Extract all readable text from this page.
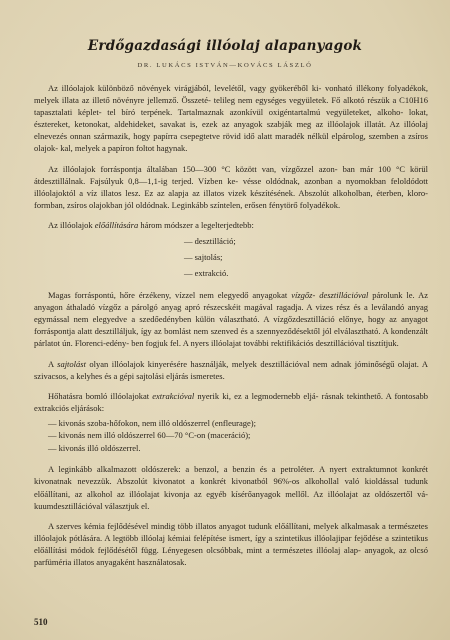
Erdőgazdasági illóolaj alapanyagok
DR. LUKÁCS ISTVÁN—KOVÁCS LÁSZLÓ

Az illóolajok különböző növények virágjából, levelétől, vagy gyökeréből ki- vonható illékony folyadékok, melyek illata az illető növényre jellemző. Összeté- telileg nem egységes vegyületek. Fő alkotó részük a C10H16 tapasztalati képlet- tel bíró terpének. Tartalmaznak azonkívül oxigéntartalmú vegyületeket, alkoho- lokat, észtereket, ketonokat, aldehideket, savakat is, ezek az anyagok szabják meg az illóolajok illatát. Az illóolaj elnevezés onnan származik, hogy papírra csepegtetve rövid idő alatt maradék nélkül elpárolog, szemben a zsíros olajok- kal, melyek a papíron foltot hagynak.

Az illóolajok forráspontja általában 150—300 °C között van, vízgőzzel azon- ban már 100 °C körül átdesztillálnak. Fajsúlyuk 0,8—1,1-ig terjed. Vízben ke- vésse oldódnak, azonban a nyomokban feloldódott illóolajoktól a víz illatos lesz. Ez az alapja az illatos vizek készítésének. Abszolút alkoholban, éterben, kloro- formban, zsíros olajokban jól oldódnak. Leginkább színtelen, erősen fénytörő folyadékok.

Az illóolajok előállítására három módszer a legelterjedtebb:

— desztilláció;
— sajtolás;
— extrakció.

Magas forráspontú, hőre érzékeny, vízzel nem elegyedő anyagokat vízgőz- desztillációval párolunk le. Az anyagon áthaladó vízgőz a párolgó anyag apró részecskéit magával ragadja. A vizes rész és a leválandó anyag egymással nem elegyedve a szedőedényben külön választható. A vízgőzdesztilláció előnye, hogy az anyagot forráspontja alatt desztilláljuk, így az bomlást nem szenved és a szennyeződésektől jól elválasztható. A kondenzált párlatot ún. Florenci-edény- ben fogjuk fel. A nyers illóolajat további rektifikációs desztillációval tisztítjuk.

A sajtolást olyan illóolajok kinyerésére használják, melyek desztillációval nem adnak jóminőségű olajat. A szivacsos, a kelyhes és a gépi sajtolási eljárás ismeretes.

Hőhatásra bomló illóolajokat extrakcióval nyerik ki, ez a legmodernebb eljá- rásnak tekinthető. A fontosabb extrakciós eljárások:

— kivonás szoba-hőfokon, nem illó oldószerrel (enfleurage);
— kivonás nem illó oldószerrel 60—70 °C-on (maceráció);
— kivonás illó oldószerrel.

A leginkább alkalmazott oldószerek: a benzol, a benzin és a petroléter. A nyert extraktumnot konkrét kivonatnak nevezzük. Abszolút kivonatot a konkrét kivonatból 96%-os alkohollal való kioldással tudunk előállítani, az alkohol az illóolajat kivonja az egyéb kísérőanyagok mellől. Az illóolajat az oldószertől vá- kuumdesztillációval választjuk el.

A szerves kémia fejlődésével mindig több illatos anyagot tudunk előállítani, melyek alkalmasak a természetes illóolajok pótlására. A legtöbb illóolaj kémiai felépítése ismert, így a szintetikus illóolajipar fejődése a szintetikus előállítási módok fejlődésétől függ. Lényegesen olcsóbbak, mint a természetes illóolaj alap- anyagok, az olcsó parfüméria illatos anyagaként használatosak.

510
